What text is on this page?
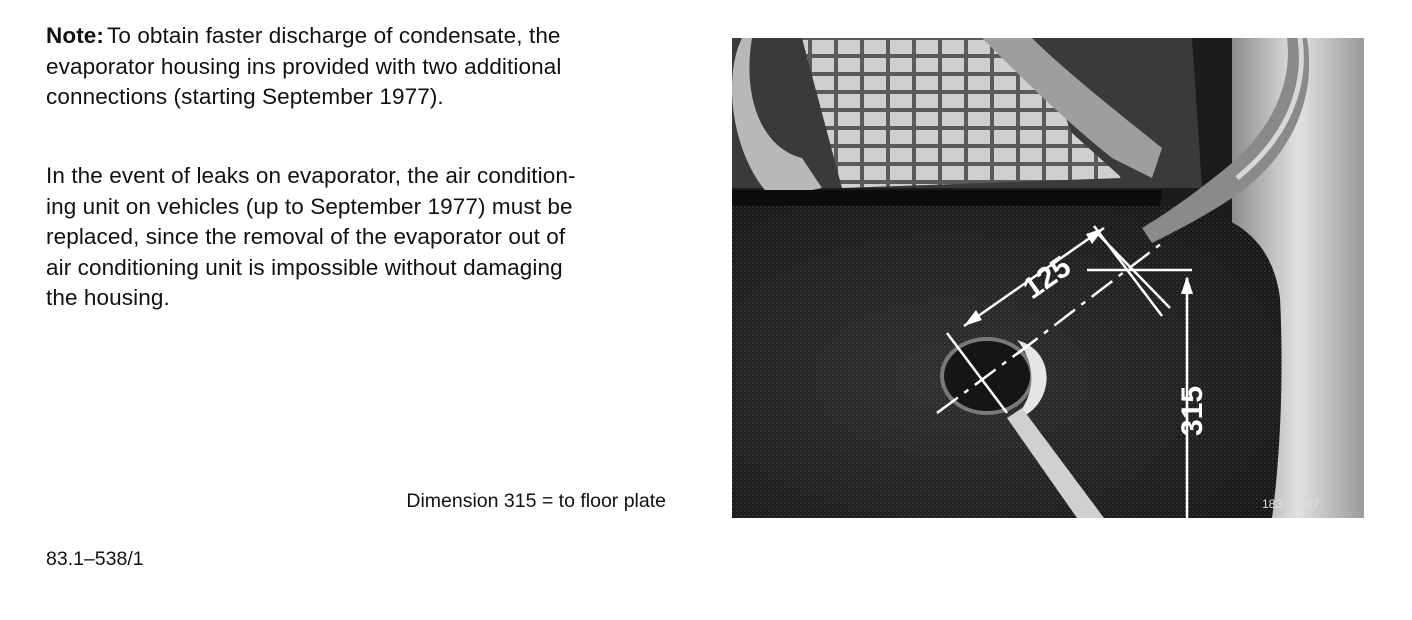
Note: To obtain faster discharge of condensate, the
evaporator housing ins provided with two additional
connections (starting September 1977).

In the event of leaks on evaporator, the air condition-
ing unit on vehicles (up to September 1977) must be
replaced, since the removal of the evaporator out of
air conditioning unit is impossible without damaging
the housing.

Dimension 315 = to floor plate
83.1–538/1
125
315
183-15207
